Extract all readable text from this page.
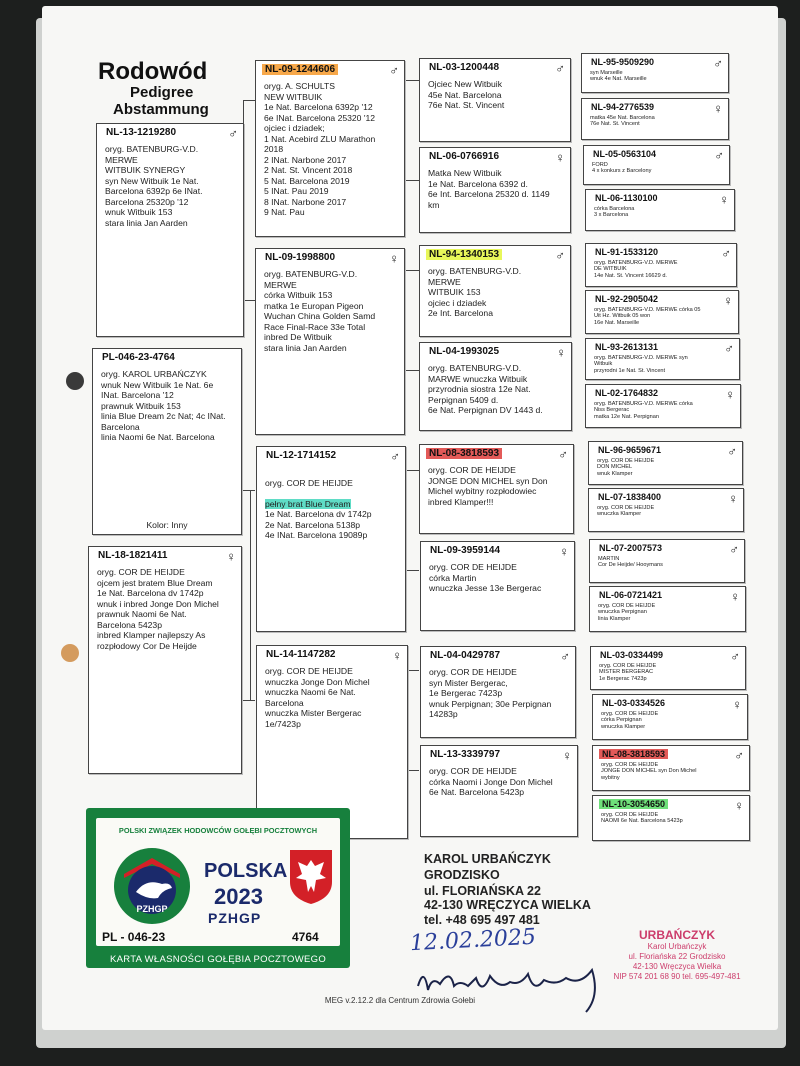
Rodowód
Pedigree
Abstammung
PL-046-23-4764
oryg. KAROL URBAŃCZYK
wnuk New Witbuik 1e Nat. 6e
INat. Barcelona '12
prawnuk Witbuik 153
linia Blue Dream 2c Nat; 4c INat.
Barcelona
linia Naomi 6e Nat. Barcelona
Kolor: Inny
NL-13-1219280	♂
oryg. BATENBURG-V.D.
MERWE
WITBUIK SYNERGY
syn New Witbuik 1e Nat.
Barcelona 6392p 6e INat.
Barcelona 25320p '12
wnuk Witbuik 153
stara linia Jan Aarden
NL-18-1821411	♀
oryg. COR DE HEIJDE
ojcem jest bratem Blue Dream
1e Nat. Barcelona dv 1742p
wnuk i inbred Jonge Don Michel
prawnuk Naomi 6e Nat.
Barcelona 5423p
inbred Klamper najlepszy As
rozpłodowy Cor De Heijde
NL-09-1244606	♂
oryg. A. SCHULTS
NEW WITBUIK
1e Nat. Barcelona 6392p '12
6e INat. Barcelona 25320 '12
ojciec i dziadek;
1 Nat. Acebird ZLU Marathon
2018
2 INat. Narbone 2017
2 Nat. St. Vincent 2018
5 Nat. Barcelona 2019
5 INat. Pau 2019
8 INat. Narbone 2017
9 Nat. Pau
NL-09-1998800	♀
oryg. BATENBURG-V.D.
MERWE
córka Witbuik 153
matka 1e Europan Pigeon
Wuchan China Golden Samd
Race Final-Race 33e Total
inbred De Witbuik
stara linia Jan Aarden
NL-12-1714152	♂

oryg. COR DE HEIJDE

pełny brat Blue Dream

1e Nat. Barcelona dv 1742p
2e Nat. Barcelona 5138p
4e INat. Barcelona 19089p

NL-14-1147282	♀
oryg. COR DE HEIJDE
wnuczka Jonge Don Michel
wnuczka Naomi 6e Nat.
Barcelona
wnuczka Mister Bergerac
1e/7423p
NL-03-1200448	♂
Ojciec New Witbuik
45e Nat. Barcelona
76e Nat. St. Vincent
NL-06-0766916	♀
Matka New Witbuik
1e Nat. Barcelona 6392 d.
6e Int. Barcelona 25320 d. 1149
km
NL-94-1340153	♂
oryg. BATENBURG-V.D.
MERWE
WITBUIK 153
ojciec i dziadek
2e Int. Barcelona
NL-04-1993025	♀
oryg. BATENBURG-V.D.
MARWE wnuczka Witbuik
przyrodnia siostra 12e Nat.
Perpignan 5409 d.
6e Nat. Perpignan DV 1443 d.
NL-08-3818593	♂
oryg. COR DE HEIJDE
JONGE DON MICHEL syn Don
Michel wybitny rozpłodowiec
inbred Klamper!!!
NL-09-3959144	♀
oryg. COR DE HEIJDE
córka Martin
wnuczka Jesse 13e Bergerac
NL-04-0429787	♂
oryg. COR DE HEIJDE
syn Mister Bergerac,
1e Bergerac 7423p
wnuk Perpignan; 30e Perpignan
14283p
NL-13-3339797	♀
oryg. COR DE HEIJDE
córka Naomi i Jonge Don Michel
6e Nat. Barcelona 5423p
NL-95-9509290	♂
syn Marseille
wnuk 4e Nat. Marseille
NL-94-2776539	♀
matka 45e Nat. Barcelona
76e Nat. St. Vincent
NL-05-0563104	♂
FORD
4 x konkurs z Barcelony
NL-06-1130100	♀
córka Barcelona
3 x Barcelona
NL-91-1533120	♂
oryg. BATENBURG-V.D. MERWE
DE WITBUIK
14e Nat. St. Vincent 16629 d.
NL-92-2905042	♀
oryg. BATENBURG-V.D. MERWE córka 05
Uit Hz. Witbuik 05 won
16e Nat. Marseille
NL-93-2613131	♂
oryg. BATENBURG-V.D. MERWE syn
Witbuik
przyrodni 1e Nat. St. Vincent
NL-02-1764832	♀
oryg. BATENBURG-V.D. MERWE córka
Niss Bergerac
matka 12e Nat. Perpignan
NL-96-9659671	♂
oryg. COR DE HEIJDE
DON MICHEL
wnuk Klamper
NL-07-1838400	♀
oryg. COR DE HEIJDE
wnuczka Klamper
NL-07-2007573	♂
MARTIN
Cor De Heijde/ Hooymans
NL-06-0721421	♀
oryg. COR DE HEIJDE
wnuczka Perpignan
linia Klamper
NL-03-0334499	♂
oryg. COR DE HEIJDE
MISTER BERGERAC
1e Bergerac 7423p
NL-03-0334526	♀
oryg. COR DE HEIJDE
córka Perpignan
wnuczka Klamper
NL-08-3818593	♂
oryg. COR DE HEIJDE
JONGE DON MICHEL syn Don Michel
wybitny
NL-10-3054650	♀
oryg. COR DE HEIJDE
NAOMI 6e Nat. Barcelona 5423p
POLSKI ZWIĄZEK HODOWCÓW GOŁĘBI POCZTOWYCH
PZHGP
POLSKA
2023
PZHGP
PL - 046-23	4764
KARTA WŁASNOŚCI GOŁĘBIA POCZTOWEGO
KAROL URBAŃCZYK
GRODZISKO
ul. FLORIAŃSKA 22
42-130 WRĘCZYCA WIELKA
tel. +48 695 497 481
12.02.2025	URBAŃCZYK
Karol Urbańczyk
ul. Floriańska 22 Grodzisko
42-130 Wręczyca Wielka
NIP 574 201 68 90 tel. 695-497-481
MEG v.2.12.2 dla Centrum Zdrowia Gołebi
